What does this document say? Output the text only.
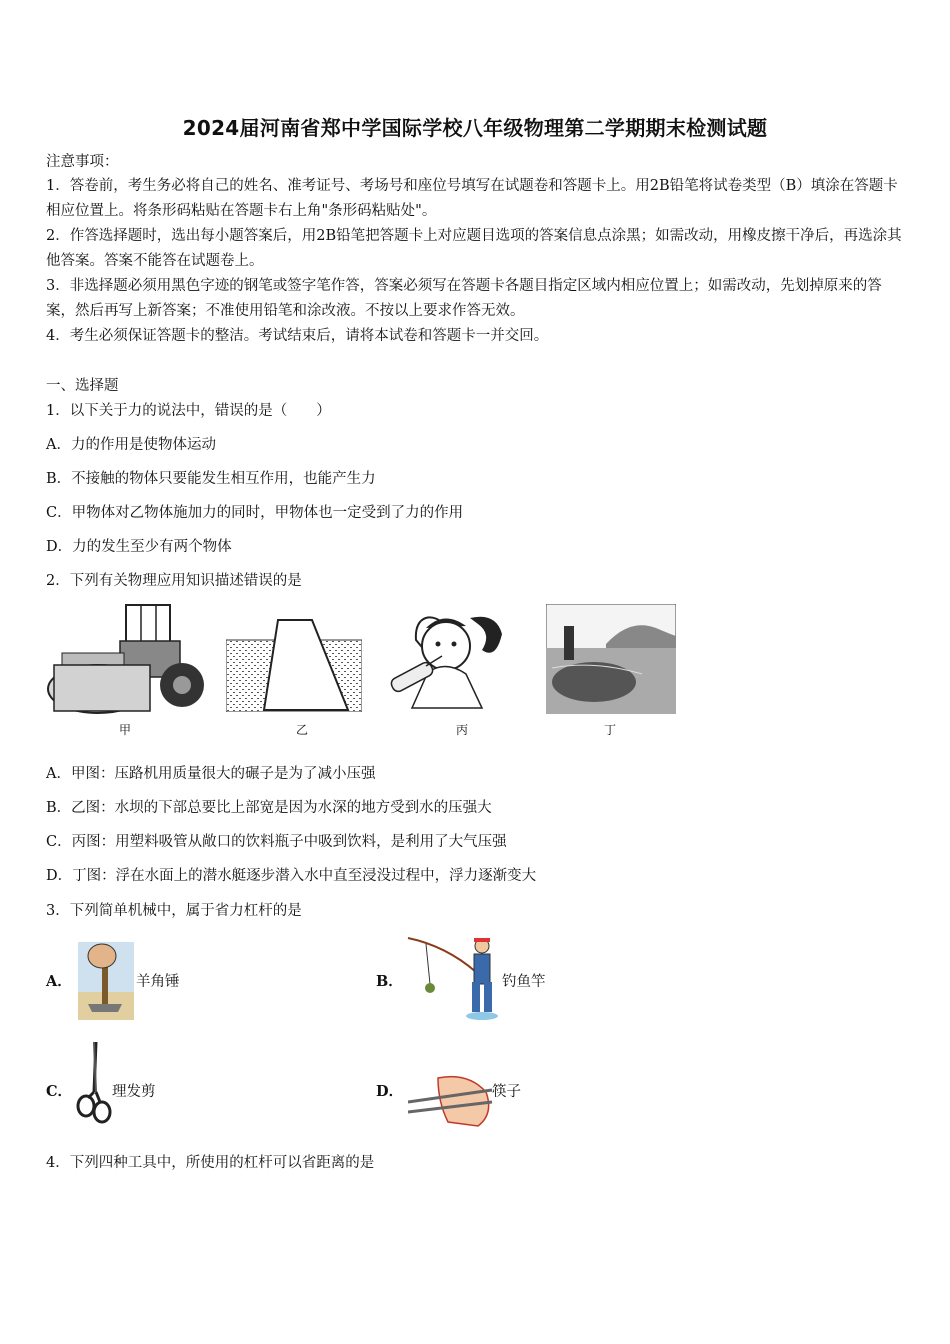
2024届河南省郑中学国际学校八年级物理第二学期期末检测试题
注意事项：
1．答卷前，考生务必将自己的姓名、准考证号、考场号和座位号填写在试题卷和答题卡上。用2B铅笔将试卷类型（B）填涂在答题卡相应位置上。将条形码粘贴在答题卡右上角"条形码粘贴处"。
2．作答选择题时，选出每小题答案后，用2B铅笔把答题卡上对应题目选项的答案信息点涂黑；如需改动，用橡皮擦干净后，再选涂其他答案。答案不能答在试题卷上。
3．非选择题必须用黑色字迹的钢笔或签字笔作答，答案必须写在答题卡各题目指定区域内相应位置上；如需改动，先划掉原来的答案，然后再写上新答案；不准使用铅笔和涂改液。不按以上要求作答无效。
4．考生必须保证答题卡的整洁。考试结束后，请将本试卷和答题卡一并交回。
一、选择题
1．以下关于力的说法中，错误的是（　　）
A．力的作用是使物体运动
B．不接触的物体只要能发生相互作用，也能产生力
C．甲物体对乙物体施加力的同时，甲物体也一定受到了力的作用
D．力的发生至少有两个物体
2．下列有关物理应用知识描述错误的是
甲	乙	丙	丁
A．甲图：压路机用质量很大的碾子是为了减小压强
B．乙图：水坝的下部总要比上部宽是因为水深的地方受到水的压强大
C．丙图：用塑料吸管从敞口的饮料瓶子中吸到饮料，是利用了大气压强
D．丁图：浮在水面上的潜水艇逐步潜入水中直至浸没过程中，浮力逐渐变大
3．下列简单机械中，属于省力杠杆的是
A．	羊角锤	B．	钓鱼竿
C．	理发剪	D．	筷子
4．下列四种工具中，所使用的杠杆可以省距离的是
